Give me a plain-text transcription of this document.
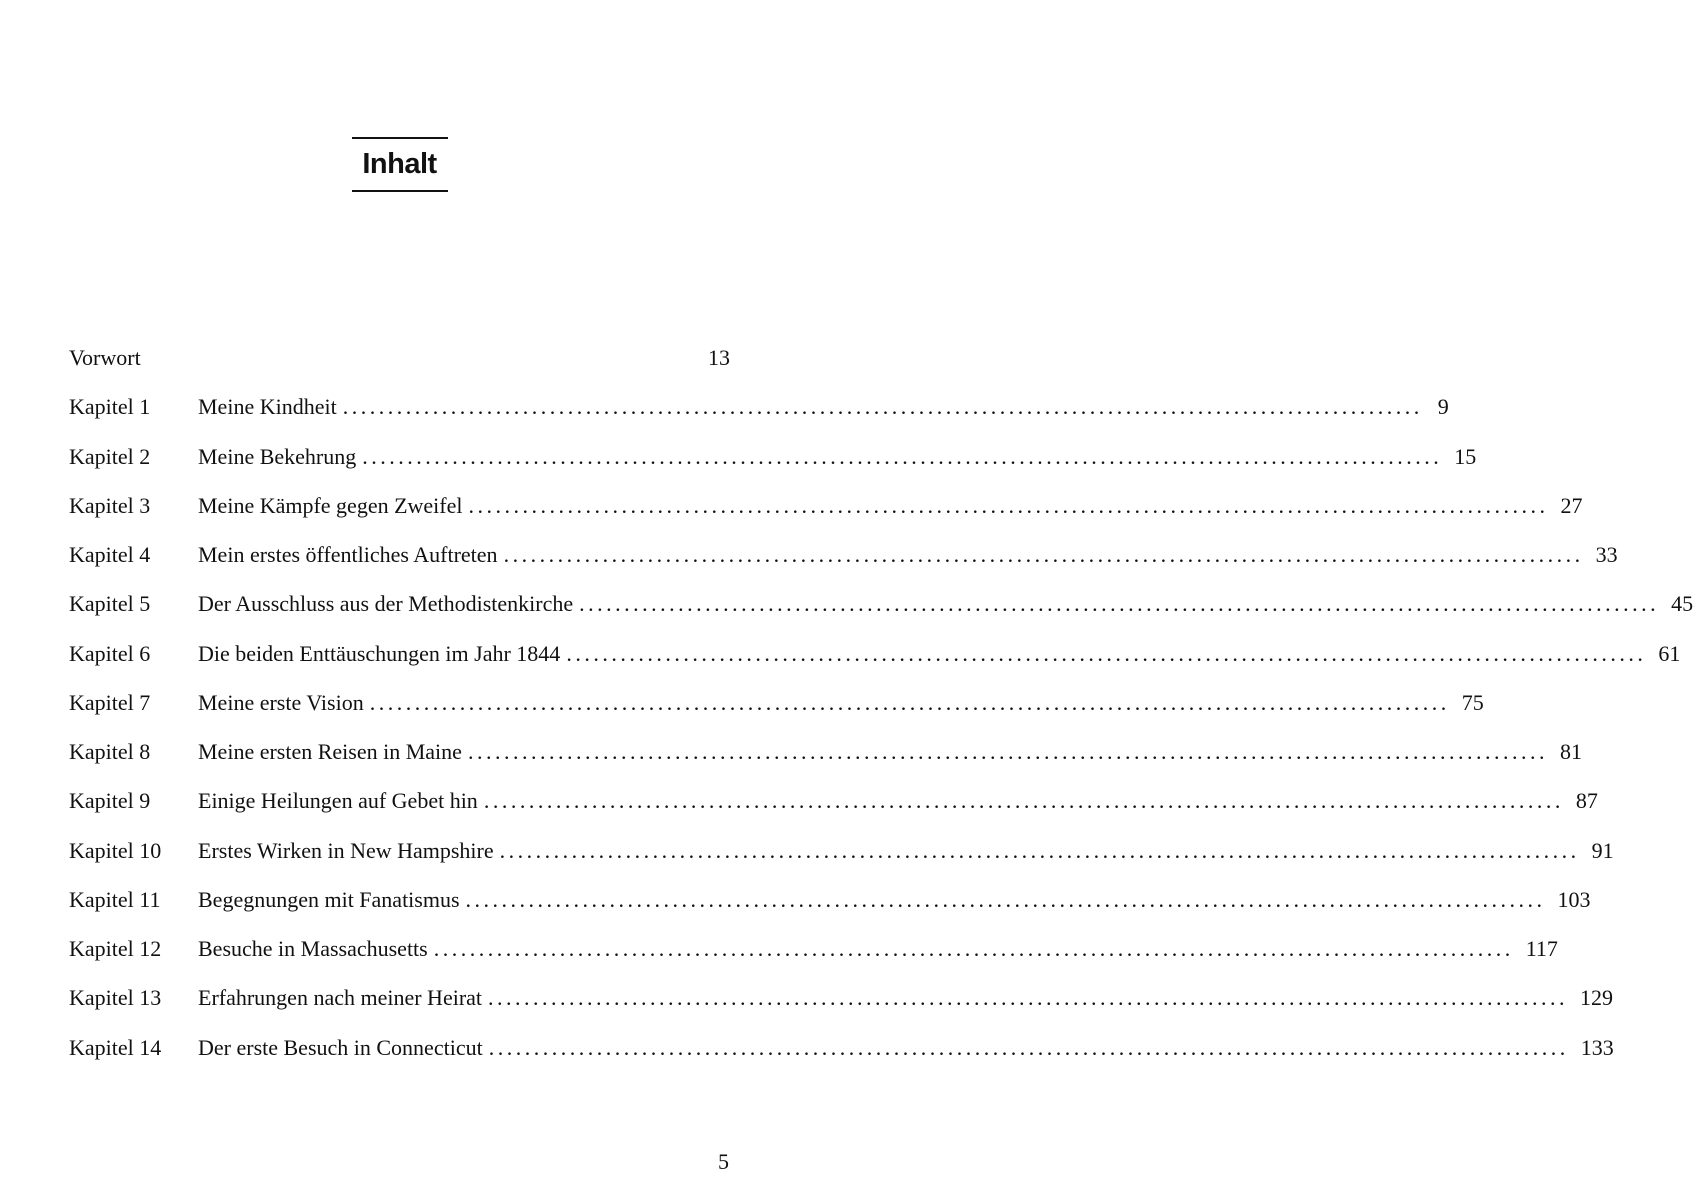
Inhalt
Vorwort	13
Kapitel 1	Meine Kindheit ........................................................................................................................ 9
Kapitel 2	Meine Bekehrung ........................................................................................................................ 15
Kapitel 3	Meine Kämpfe gegen Zweifel ........................................................................................................................ 27
Kapitel 4	Mein erstes öffentliches Auftreten ........................................................................................................................ 33
Kapitel 5	Der Ausschluss aus der Methodistenkirche ........................................................................................................................ 45
Kapitel 6	Die beiden Enttäuschungen im Jahr 1844 ........................................................................................................................ 61
Kapitel 7	Meine erste Vision ........................................................................................................................ 75
Kapitel 8	Meine ersten Reisen in Maine ........................................................................................................................ 81
Kapitel 9	Einige Heilungen auf Gebet hin ........................................................................................................................ 87
Kapitel 10	Erstes Wirken in New Hampshire ........................................................................................................................ 91
Kapitel 11	Begegnungen mit Fanatismus ........................................................................................................................ 103
Kapitel 12	Besuche in Massachusetts ........................................................................................................................ 117
Kapitel 13	Erfahrungen nach meiner Heirat ........................................................................................................................ 129
Kapitel 14	Der erste Besuch in Connecticut ........................................................................................................................ 133
5
